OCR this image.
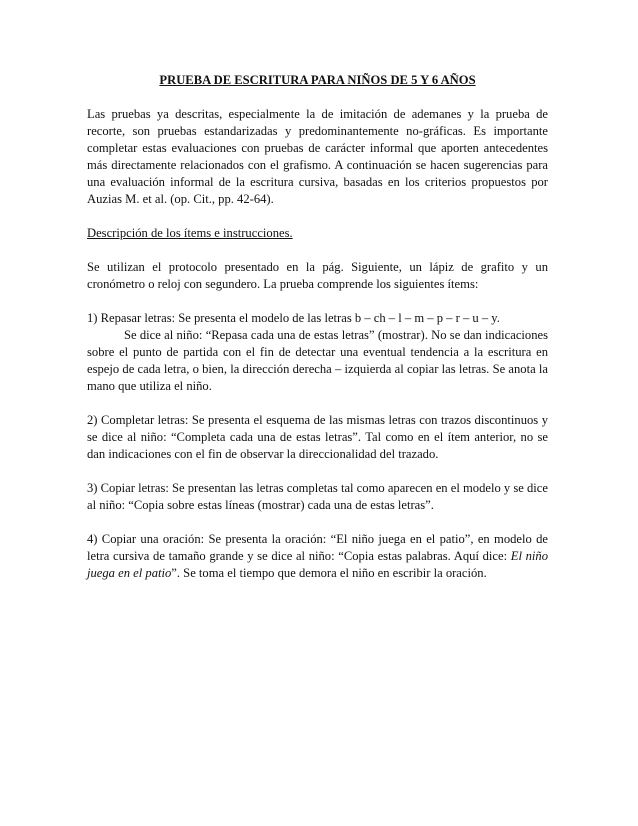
PRUEBA DE ESCRITURA PARA NIÑOS DE 5 Y 6 AÑOS

Las pruebas ya descritas, especialmente la de imitación de ademanes y la prueba de recorte, son pruebas estandarizadas y predominantemente no-gráficas. Es importante completar estas evaluaciones con pruebas de carácter informal que aporten antecedentes más directamente relacionados con el grafismo. A continuación se hacen sugerencias para una evaluación informal de la escritura cursiva, basadas en los criterios propuestos por Auzias M. et al. (op. Cit., pp. 42-64).

Descripción de los ítems e instrucciones.

Se utilizan el protocolo presentado en la pág. Siguiente, un lápiz de grafito y un cronómetro o reloj con segundero. La prueba comprende los siguientes ítems:

1) Repasar letras: Se presenta el modelo de las letras b – ch – l – m – p – r – u – y.

Se dice al niño: “Repasa cada una de estas letras” (mostrar). No se dan indicaciones sobre el punto de partida con el fin de detectar una eventual tendencia a la escritura en espejo de cada letra, o bien, la dirección derecha – izquierda al copiar las letras. Se anota la mano que utiliza el niño.

2) Completar letras: Se presenta el esquema de las mismas letras con trazos discontinuos y se dice al niño: “Completa cada una de estas letras”. Tal como en el ítem anterior, no se dan indicaciones con el fin de observar la direccionalidad del trazado.

3) Copiar letras: Se presentan las letras completas tal como aparecen en el modelo y se dice al niño: “Copia sobre estas líneas (mostrar) cada una de estas letras”.

4) Copiar una oración: Se presenta la oración: “El niño juega en el patio”, en modelo de letra cursiva de tamaño grande y se dice al niño: “Copia estas palabras. Aquí dice: El niño juega en el patio”. Se toma el tiempo que demora el niño en escribir la oración.
